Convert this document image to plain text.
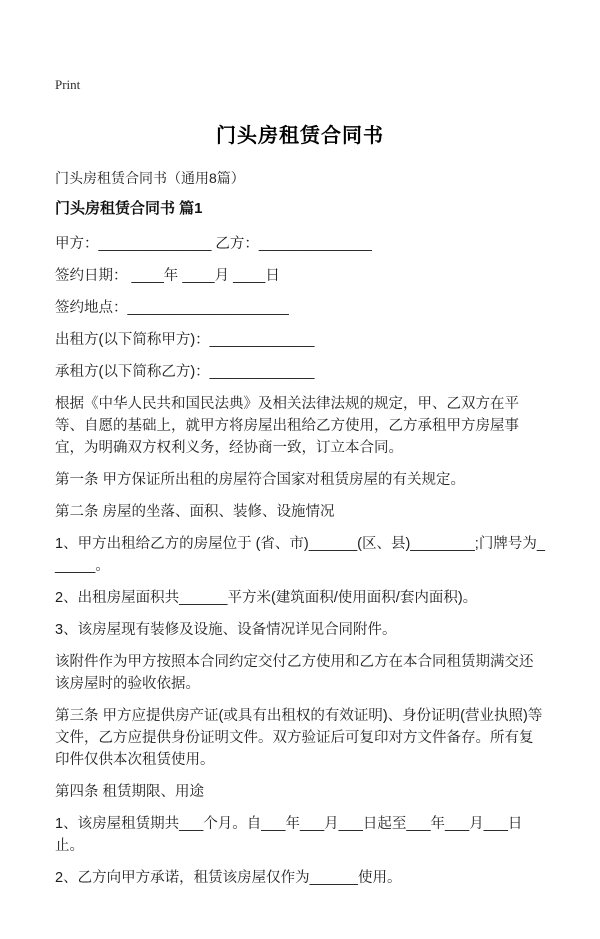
Print
门头房租赁合同书

门头房租赁合同书（通用8篇）

门头房租赁合同书 篇1

甲方：______________ 乙方：______________

签约日期： ____年 ____月 ____日

签约地点：____________________

出租方(以下简称甲方)：_____________

承租方(以下简称乙方)：_____________

根据《中华人民共和国民法典》及相关法律法规的规定，甲、乙双方在平等、自愿的基础上，就甲方将房屋出租给乙方使用，乙方承租甲方房屋事宜，为明确双方权利义务，经协商一致，订立本合同。

第一条 甲方保证所出租的房屋符合国家对租赁房屋的有关规定。

第二条 房屋的坐落、面积、装修、设施情况

1、甲方出租给乙方的房屋位于 (省、市)______(区、县)________;门牌号为______。

2、出租房屋面积共______平方米(建筑面积/使用面积/套内面积)。

3、该房屋现有装修及设施、设备情况详见合同附件。

该附件作为甲方按照本合同约定交付乙方使用和乙方在本合同租赁期满交还该房屋时的验收依据。

第三条 甲方应提供房产证(或具有出租权的有效证明)、身份证明(营业执照)等文件，乙方应提供身份证明文件。双方验证后可复印对方文件备存。所有复印件仅供本次租赁使用。

第四条 租赁期限、用途

1、该房屋租赁期共___个月。自___年___月___日起至___年___月___日止。

2、乙方向甲方承诺，租赁该房屋仅作为______使用。
